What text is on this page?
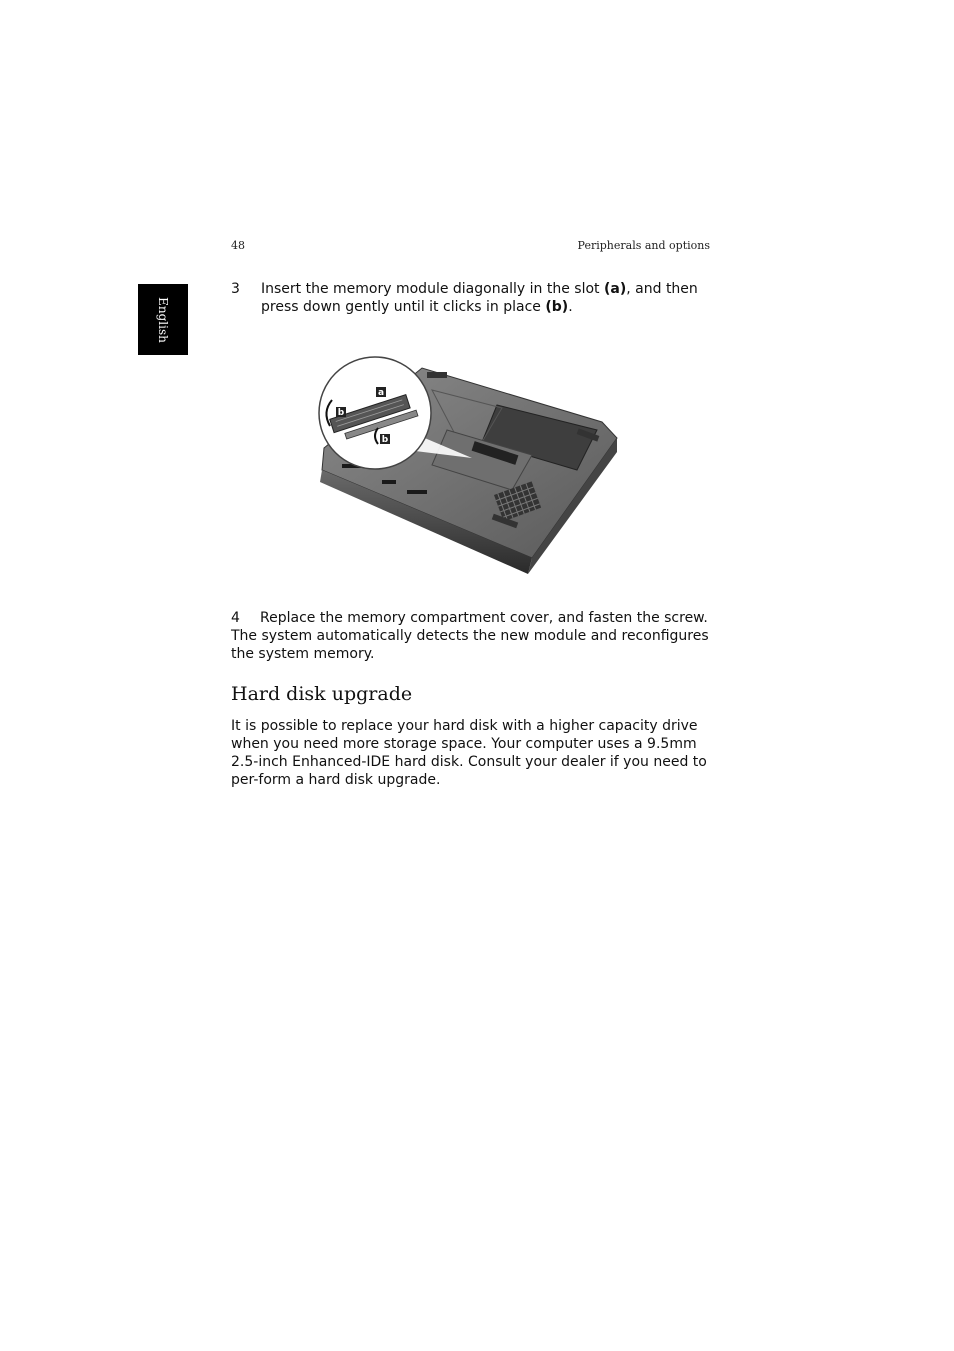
48	Peripherals and options
English
3 Insert the memory module diagonally in the slot (a), and then press down gently until it clicks in place (b).
a
b
b
4	Replace the memory compartment cover, and fasten the screw. The system automatically detects the new module and reconfigures the system memory.
Hard disk upgrade

It is possible to replace your hard disk with a higher capacity drive when you need more storage space. Your computer uses a 9.5mm 2.5-inch Enhanced-IDE hard disk. Consult your dealer if you need to per-form a hard disk upgrade.
